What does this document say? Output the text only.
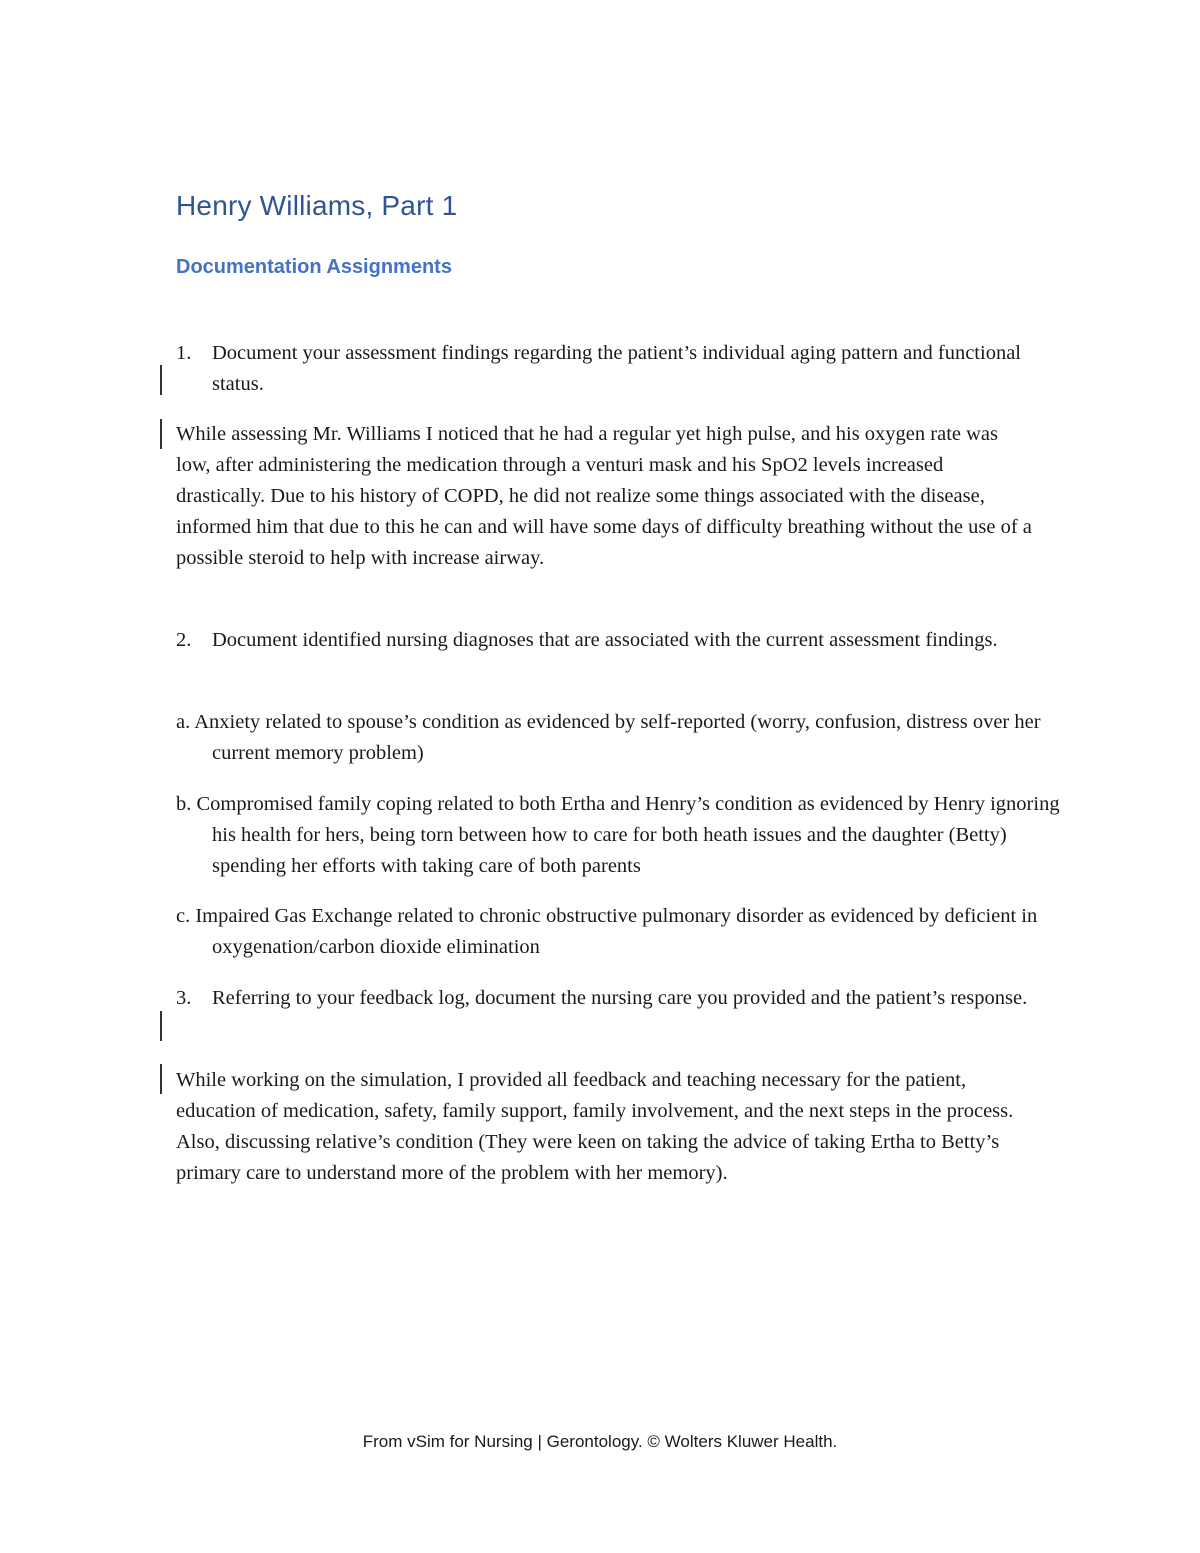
Henry Williams, Part 1
Documentation Assignments
1. Document your assessment findings regarding the patient’s individual aging pattern and functional status.
While assessing Mr. Williams I noticed that he had a regular yet high pulse, and his oxygen rate was low, after administering the medication through a venturi mask and his SpO2 levels increased drastically. Due to his history of COPD, he did not realize some things associated with the disease, informed him that due to this he can and will have some days of difficulty breathing without the use of a possible steroid to help with increase airway.
2. Document identified nursing diagnoses that are associated with the current assessment findings.
a. Anxiety related to spouse’s condition as evidenced by self-reported (worry, confusion, distress over her current memory problem)
b. Compromised family coping related to both Ertha and Henry’s condition as evidenced by Henry ignoring his health for hers, being torn between how to care for both heath issues and the daughter (Betty) spending her efforts with taking care of both parents
c. Impaired Gas Exchange related to chronic obstructive pulmonary disorder as evidenced by deficient in oxygenation/carbon dioxide elimination
3. Referring to your feedback log, document the nursing care you provided and the patient’s response.
While working on the simulation, I provided all feedback and teaching necessary for the patient, education of medication, safety, family support, family involvement, and the next steps in the process. Also, discussing relative’s condition (They were keen on taking the advice of taking Ertha to Betty’s primary care to understand more of the problem with her memory).
From vSim for Nursing | Gerontology. © Wolters Kluwer Health.
